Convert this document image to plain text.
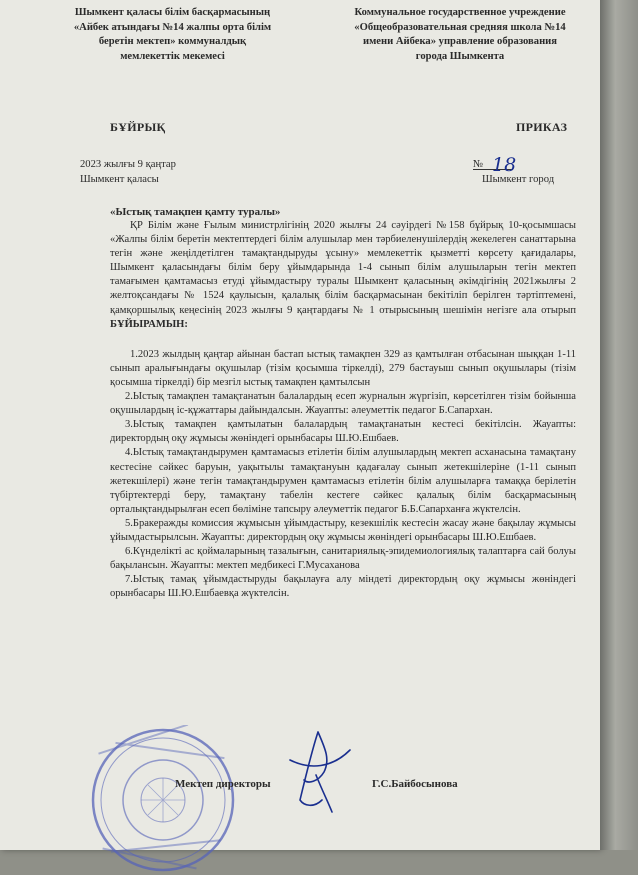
Шымкент қаласы білім басқармасының
«Айбек атындағы №14 жалпы орта білім
беретін мектеп» коммуналдық
мемлекеттік мекемесі
Коммунальное государственное учреждение
«Общеобразовательная средняя школа №14
имени Айбека» управление образования
города Шымкента
БҰЙРЫҚ	ПРИКАЗ
2023 жылғы 9 қаңтар
Шымкент қаласы
№ 18
Шымкент город
«Ыстық тамақпен қамту туралы»

ҚР Білім және Ғылым министрлігінің 2020 жылғы 24 сәуірдегі №158 бұйрық 10-қосымшасы «Жалпы білім беретін мектептердегі білім алушылар мен тәрбиеленушілердің жекелеген санаттарына тегін және жеңілдетілген тамақтандыруды ұсыну» мемлекеттік қызметті көрсету қағидалары, Шымкент қаласындағы білім беру ұйымдарында 1-4 сынып білім алушыларын тегін мектеп тамағымен қамтамасыз етуді ұйымдастыру туралы Шымкент қаласының әкімдігінің 2021жылғы 2 желтоқсандағы № 1524 қаулысын, қалалық білім басқармасынан бекітіліп берілген тәртіптемені, қамқоршылық кеңесінің 2023 жылғы 9 қаңтардағы № 1 отырысының шешімін негізге ала отырып БҰЙЫРАМЫН:

1.2023 жылдың қаңтар айынан бастап ыстық тамақпен 329 аз қамтылған отбасынан шыққан 1-11 сынып аралығындағы оқушылар (тізім қосымша тіркелді), 279 бастауыш сынып оқушылары (тізім қосымша тіркелді) бір мезгіл ыстық тамақпен қамтылсын

2.Ыстық тамақпен тамақтанатын балалардың есеп журналын жүргізіп, көрсетілген тізім бойынша оқушылардың іс-құжаттары дайындалсын. Жауапты: әлеуметтік педагог Б.Сапархан.

3.Ыстық тамақпен қамтылатын балалардың тамақтанатын кестесі бекітілсін. Жауапты: директордың оқу жұмысы жөніндегі орынбасары Ш.Ю.Ешбаев.

4.Ыстық тамақтандырумен қамтамасыз етілетін білім алушылардың мектеп асханасына тамақтану кестесіне сәйкес баруын, уақытылы тамақтануын қадағалау сынып жетекшілеріне (1-11 сынып жетекшілері) және тегін тамақтандырумен қамтамасыз етілетін білім алушыларға тамаққа берілетін түбіртектерді беру, тамақтану табелін кестеге сәйкес қалалық білім басқармасының орталықтандырылған есеп бөліміне тапсыру әлеуметтік педагог Б.Б.Сапарханға жүктелсін.

5.Бракеражды комиссия жұмысын ұйымдастыру, кезекшілік кестесін жасау және бақылау жұмысы ұйымдастырылсын. Жауапты: директордың оқу жұмысы жөніндегі орынбасары Ш.Ю.Ешбаев.

6.Күнделікті ас қоймаларының тазалығын, санитариялық-эпидемиологиялық талаптарға сай болуы бақылансын. Жауапты: мектеп медбикесі Г.Мусаханова

7.Ыстық тамақ ұйымдастыруды бақылауға алу міндеті директордың оқу жұмысы жөніндегі орынбасары Ш.Ю.Ешбаевқа жүктелсін.

Мектеп директоры	Г.С.Байбосынова
